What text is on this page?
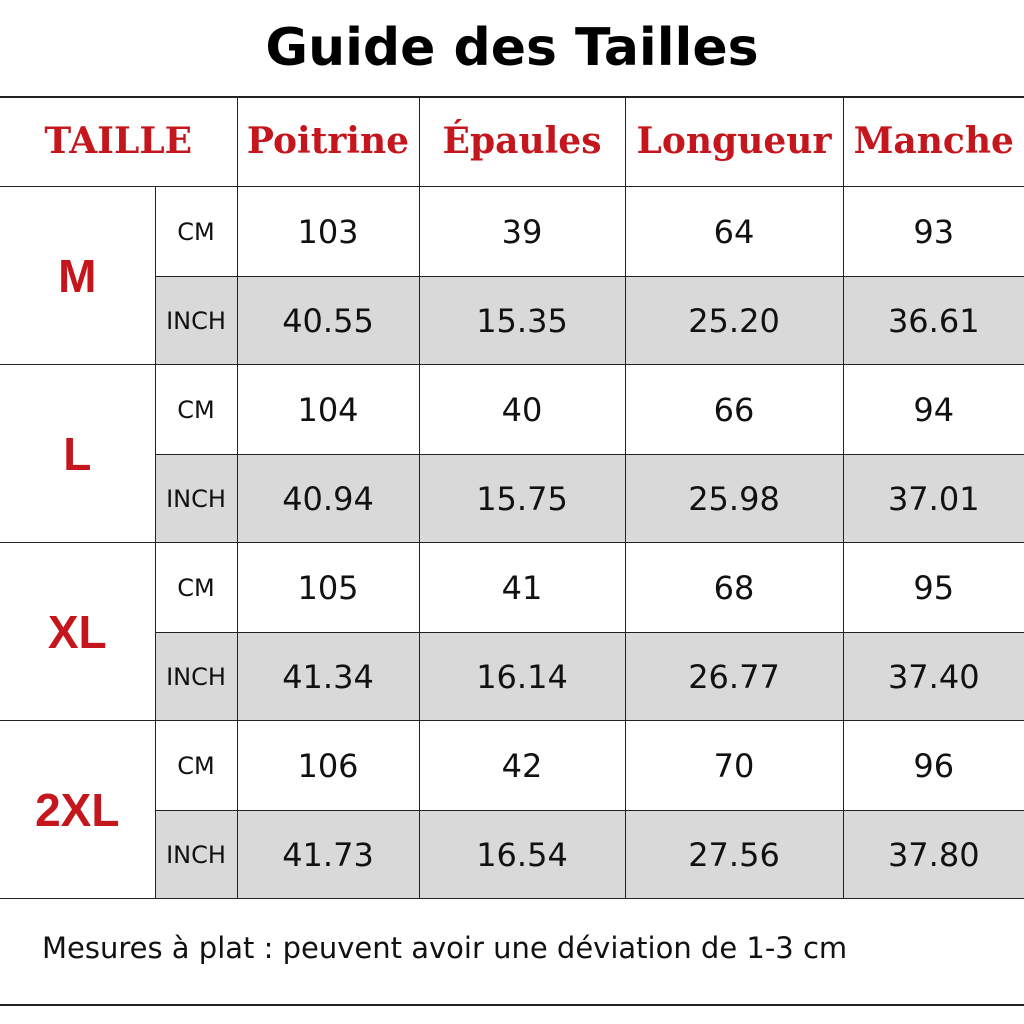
Guide des Tailles
TAILLE		Poitrine	Épaules	Longueur	Manche
M	CM	103	39	64	93
	INCH	40.55	15.35	25.20	36.61
L	CM	104	40	66	94
	INCH	40.94	15.75	25.98	37.01
XL	CM	105	41	68	95
	INCH	41.34	16.14	26.77	37.40
2XL	CM	106	42	70	96
	INCH	41.73	16.54	27.56	37.80
Mesures à plat : peuvent avoir une déviation de 1-3 cm
